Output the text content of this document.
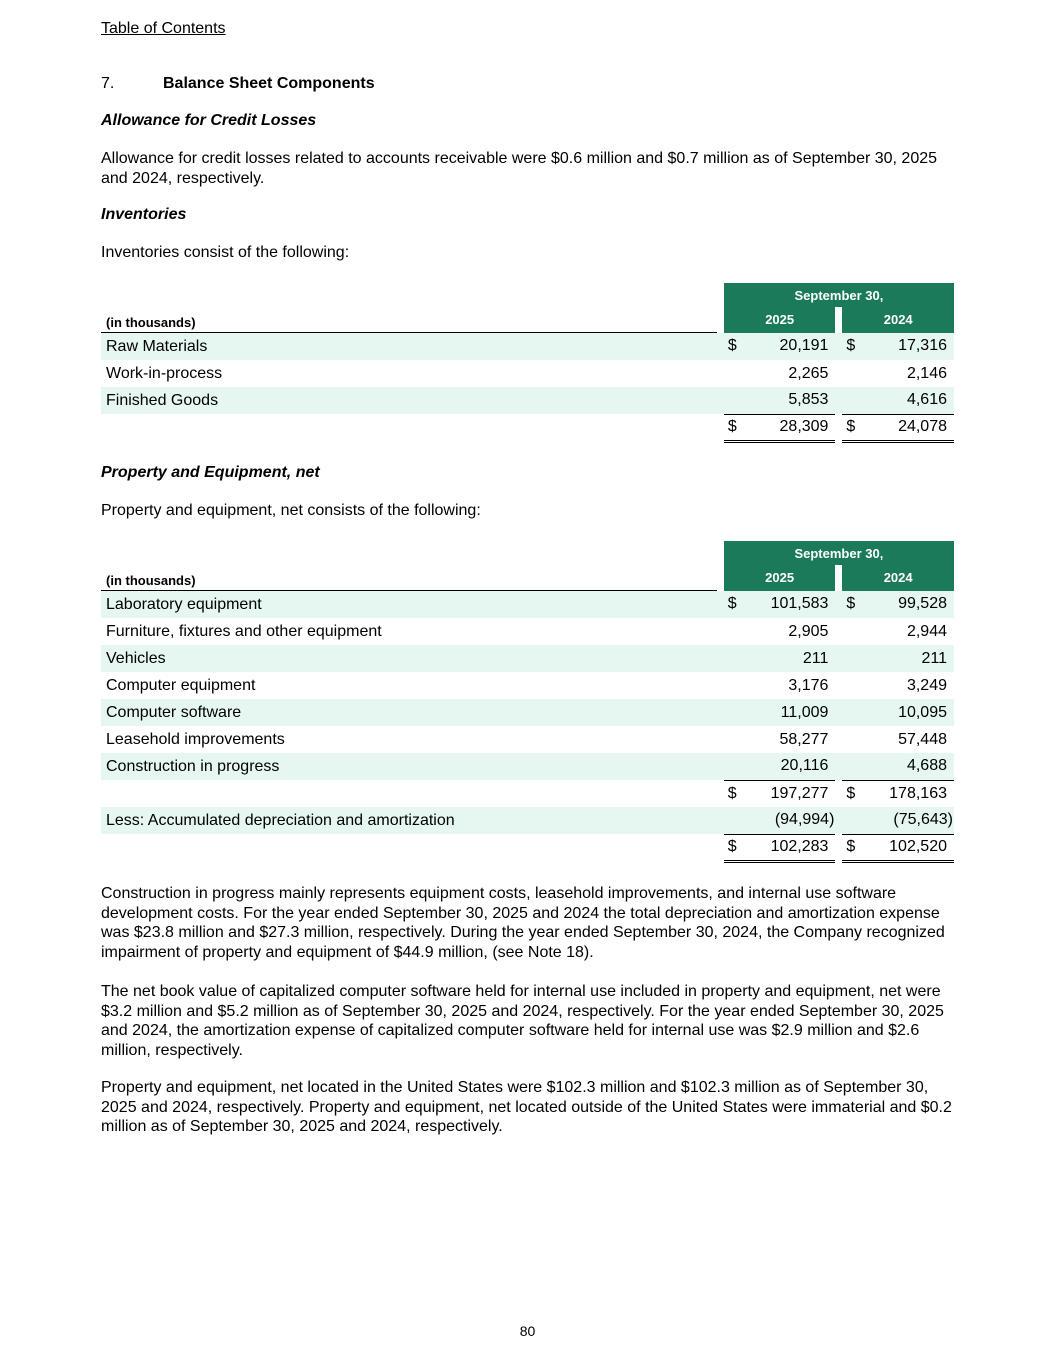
Table of Contents
7.	Balance Sheet Components
Allowance for Credit Losses
Allowance for credit losses related to accounts receivable were $0.6 million and $0.7 million as of September 30, 2025 and 2024, respectively.
Inventories
Inventories consist of the following:
		September 30,		
(in thousands)		2025		2024
Raw Materials		$ 20,191		$ 17,316
Work-in-process		2,265		2,146
Finished Goods		5,853		4,616

		$ 28,309		$ 24,078
Property and Equipment, net
Property and equipment, net consists of the following:
		September 30,		
(in thousands)		2025		2024
Laboratory equipment		$ 101,583		$ 99,528
Furniture, fixtures and other equipment		2,905		2,944
Vehicles		211		211
Computer equipment		3,176		3,249
Computer software		11,009		10,095
Leasehold improvements		58,277		57,448
Construction in progress		20,116		4,688

		$ 197,277		$ 178,163
Less: Accumulated depreciation and amortization		(94,994)		(75,643)

		$ 102,283		$ 102,520
Construction in progress mainly represents equipment costs, leasehold improvements, and internal use software development costs. For the year ended September 30, 2025 and 2024 the total depreciation and amortization expense was $23.8 million and $27.3 million, respectively. During the year ended September 30, 2024, the Company recognized impairment of property and equipment of $44.9 million, (see Note 18).
The net book value of capitalized computer software held for internal use included in property and equipment, net were $3.2 million and $5.2 million as of September 30, 2025 and 2024, respectively. For the year ended September 30, 2025 and 2024, the amortization expense of capitalized computer software held for internal use was $2.9 million and $2.6 million, respectively.
Property and equipment, net located in the United States were $102.3 million and $102.3 million as of September 30, 2025 and 2024, respectively. Property and equipment, net located outside of the United States were immaterial and $0.2 million as of September 30, 2025 and 2024, respectively.
80
